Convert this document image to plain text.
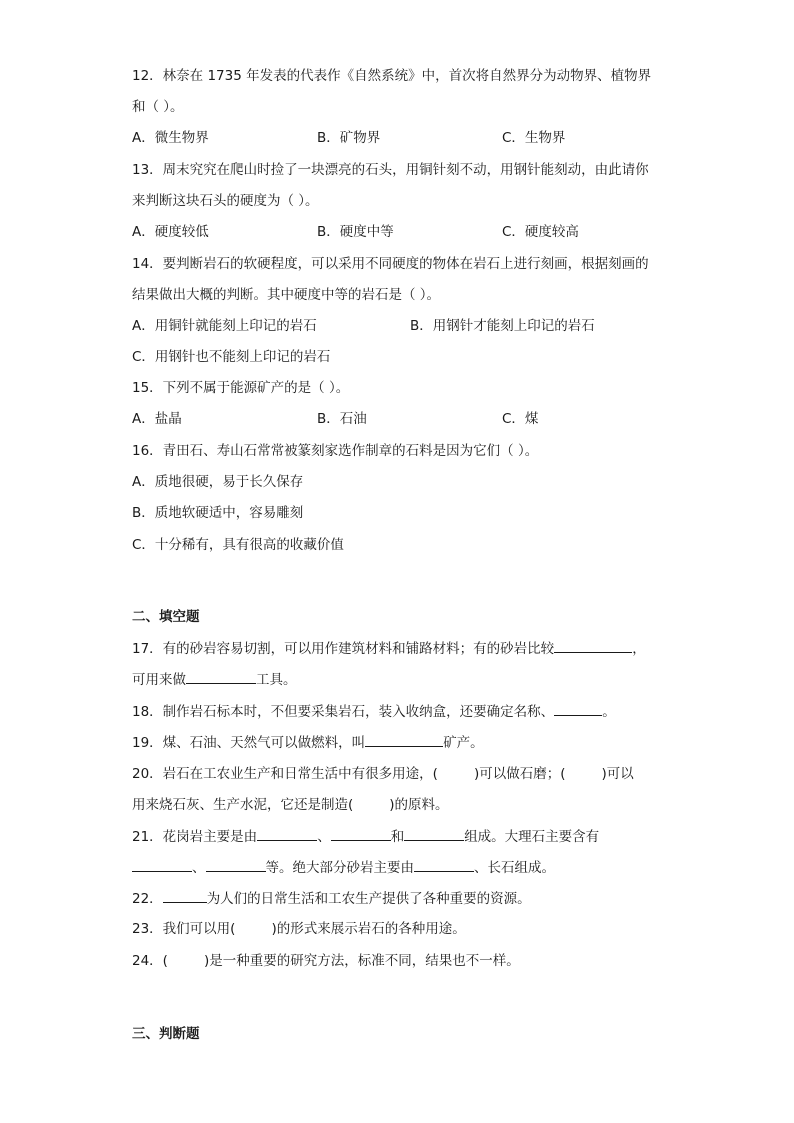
12．林奈在 1735 年发表的代表作《自然系统》中，首次将自然界分为动物界、植物界
和（ ）。
A．微生物界	B．矿物界	C．生物界
13．周末究究在爬山时捡了一块漂亮的石头，用铜针刻不动，用钢针能刻动，由此请你
来判断这块石头的硬度为（ ）。
A．硬度较低	B．硬度中等	C．硬度较高
14．要判断岩石的软硬程度，可以采用不同硬度的物体在岩石上进行刻画，根据刻画的
结果做出大概的判断。其中硬度中等的岩石是（ ）。
A．用铜针就能刻上印记的岩石	B．用钢针才能刻上印记的岩石
C．用钢针也不能刻上印记的岩石
15．下列不属于能源矿产的是（ ）。
A．盐晶	B．石油	C．煤
16．青田石、寿山石常常被篆刻家选作制章的石料是因为它们（ ）。
A．质地很硬，易于长久保存
B．质地软硬适中，容易雕刻
C．十分稀有，具有很高的收藏价值
二、填空题
17．有的砂岩容易切割，可以用作建筑材料和铺路材料；有的砂岩比较	，
可用来做	工具。
18．制作岩石标本时，不但要采集岩石，装入收纳盒，还要确定名称、	。
19．煤、石油、天然气可以做燃料，叫	矿产。
20．岩石在工农业生产和日常生活中有很多用途，(	)可以做石磨；(	)可以
用来烧石灰、生产水泥，它还是制造(	)的原料。
21．花岗岩主要是由	、	和	组成。大理石主要含有
、	等。绝大部分砂岩主要由	、长石组成。
22．	为人们的日常生活和工农生产提供了各种重要的资源。
23．我们可以用(	)的形式来展示岩石的各种用途。
24．(	)是一种重要的研究方法，标准不同，结果也不一样。
三、判断题
